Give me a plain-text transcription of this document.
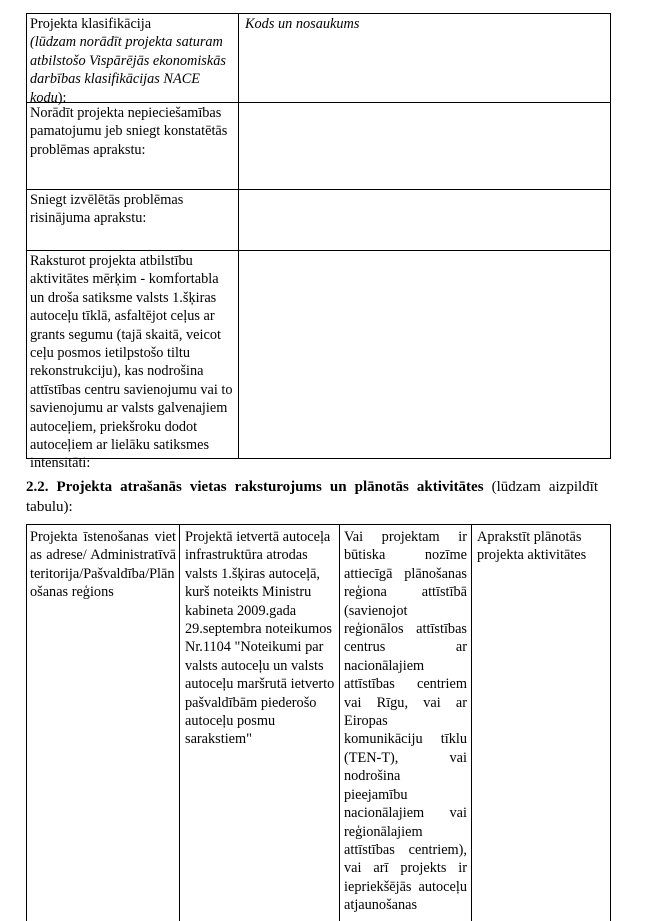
Projekta klasifikācija
(lūdzam norādīt projekta saturam atbilstošo Vispārējās ekonomiskās darbības klasifikācijas NACE kodu):
Kods un nosaukums
Norādīt projekta nepieciešamības pamatojumu jeb sniegt konstatētās problēmas aprakstu:
Sniegt izvēlētās problēmas risinājuma aprakstu:
Raksturot projekta atbilstību aktivitātes mērķim - komfortabla un droša satiksme valsts 1.šķiras autoceļu tīklā, asfaltējot ceļus ar grants segumu (tajā skaitā, veicot ceļu posmos ietilpstošo tiltu rekonstrukciju), kas nodrošina attīstības centru savienojumu vai to savienojumu ar valsts galvenajiem autoceļiem, priekšroku dodot autoceļiem ar lielāku satiksmes intensitāti:
2.2. Projekta atrašanās vietas raksturojums un plānotās aktivitātes (lūdzam aizpildīt tabulu):
Projekta īstenošanas vietas adrese/ Administratīvā teritorija/Pašvaldība/Plānošanas reģions
Projektā ietvertā autoceļa infrastruktūra atrodas valsts 1.šķiras autoceļā, kurš noteikts Ministru kabineta 2009.gada 29.septembra noteikumos Nr.1104 "Noteikumi par valsts autoceļu un valsts autoceļu maršrutā ietverto pašvaldībām piederošo autoceļu posmu sarakstiem"
Vai projektam ir būtiska nozīme attiecīgā plānošanas reģiona attīstībā (savienojot reģionālos attīstības centrus ar nacionālajiem attīstības centriem vai Rīgu, vai ar Eiropas komunikāciju tīklu (TEN-T), vai nodrošina pieejamību nacionālajiem vai reģionālajiem attīstības centriem), vai arī projekts ir iepriekšējās autoceļu atjaunošanas
Aprakstīt plānotās projekta aktivitātes
